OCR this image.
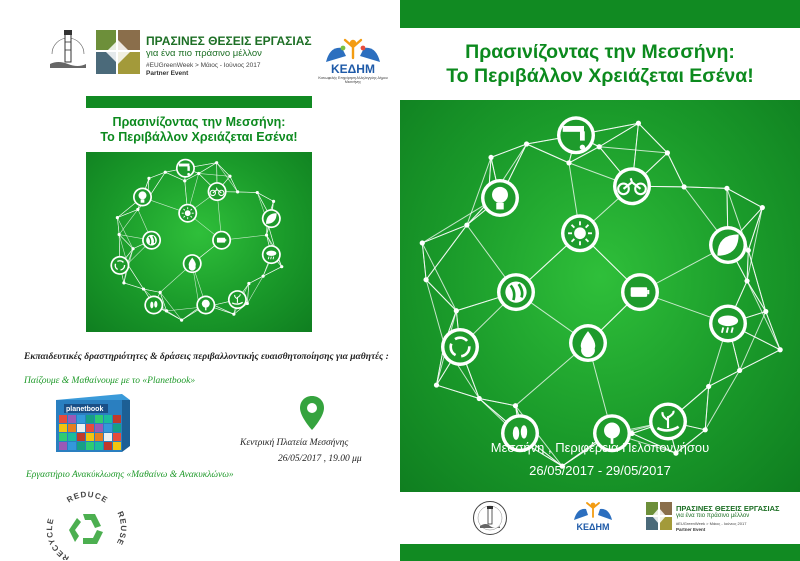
ΠΡΑΣΙΝΕΣ ΘΕΣΕΙΣ ΕΡΓΑΣΙΑΣ
για ένα πιο πράσινο μέλλον
#EUGreenWeek > Μάιος - Ιούνιος 2017
Partner Event	ΚΕΔΗΜ
Κοινωφελής Επιχείρηση Αλληλεγγύης Δήμου Μεσσήνης
Πρασινίζοντας την Μεσσήνη:
Το Περιβάλλον Χρειάζεται Εσένα!
Εκπαιδευτικές δραστηριότητες & δράσεις περιβαλλοντικής ευαισθητοποίησης για μαθητές :
Παίζουμε & Μαθαίνουμε με το «Planetbook»
planetbook
Κεντρική Πλατεία Μεσσήνης
26/05/2017 , 19.00 μμ
Εργαστήριο Ανακύκλωσης «Μαθαίνω & Ανακυκλώνω»
REDUCE
REUSE
RECYCLE
Πρασινίζοντας την Μεσσήνη:
Το Περιβάλλον Χρειάζεται Εσένα!
Μεσσήνη , Περιφέρεια Πελοποννήσου
26/05/2017 - 29/05/2017
ΚΕΔΗΜ
ΠΡΑΣΙΝΕΣ ΘΕΣΕΙΣ ΕΡΓΑΣΙΑΣ
για ένα πιο πράσινο μέλλον
#EUGreenWeek > Μάιος - Ιούνιος 2017
Partner Event
